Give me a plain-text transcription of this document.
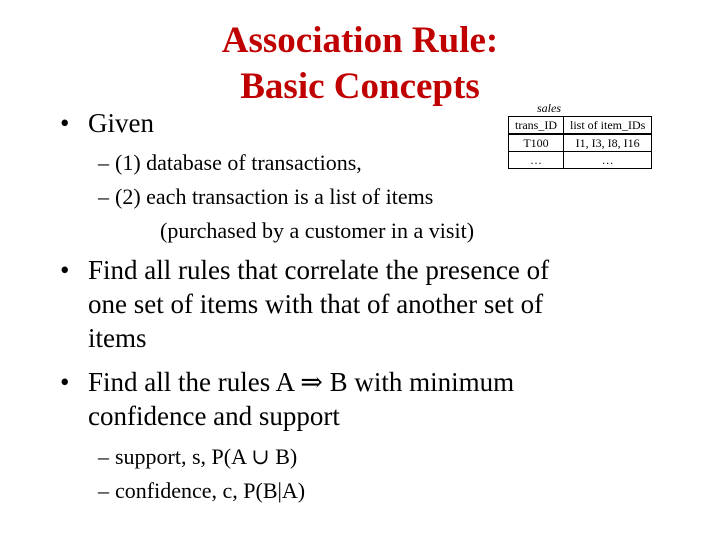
Association Rule:
Basic Concepts
sales
trans_ID	list of item_IDs
T100	I1, I3, I8, I16
…	…
• Given
– (1) database of transactions,
– (2) each transaction is a list of items
(purchased by a customer in a visit)
• Find all rules that correlate the presence of
one set of items with that of another set of
items
• Find all the rules A ⇒ B with minimum
confidence and support
– support, s, P(A ∪ B)
– confidence, c, P(B|A)
